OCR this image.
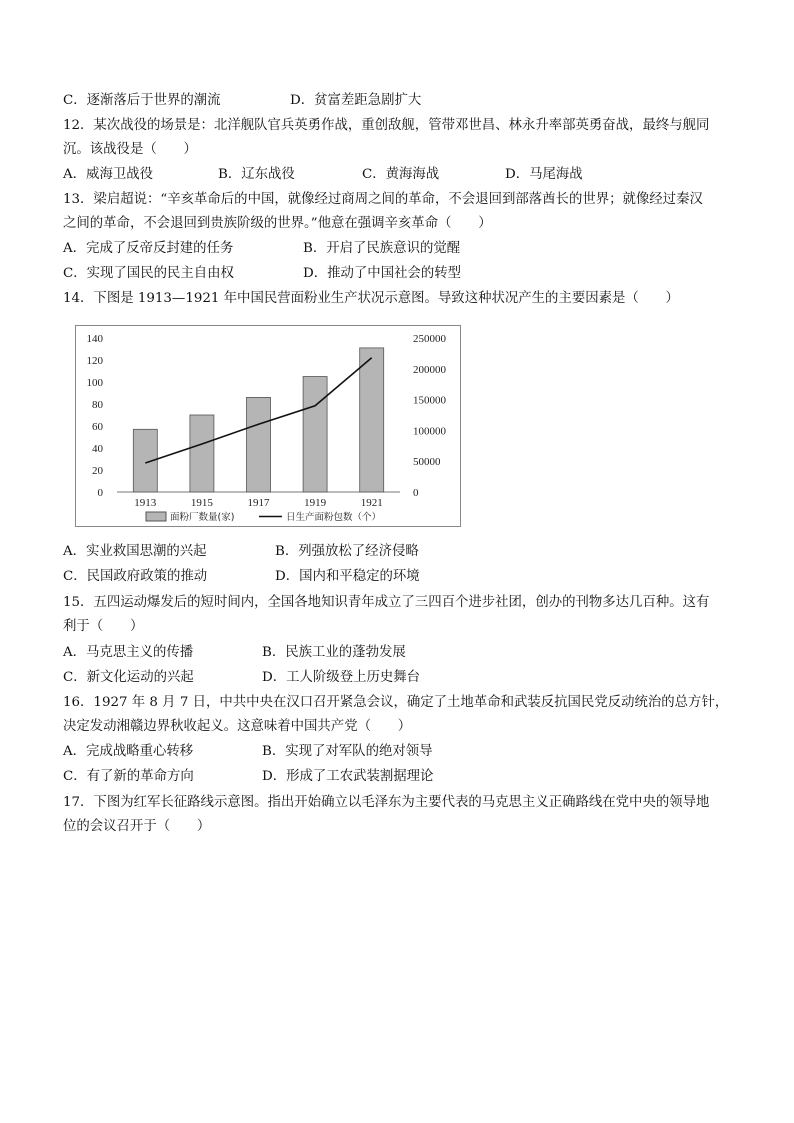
C．逐渐落后于世界的潮流	D．贫富差距急剧扩大
12．某次战役的场景是：北洋舰队官兵英勇作战，重创敌舰，管带邓世昌、林永升率部英勇奋战，最终与舰同
沉。该战役是（　　）
A．威海卫战役	B．辽东战役	C．黄海海战	D．马尾海战
13．梁启超说：“辛亥革命后的中国，就像经过商周之间的革命，不会退回到部落酋长的世界；就像经过秦汉
之间的革命，不会退回到贵族阶级的世界。”他意在强调辛亥革命（　　）
A．完成了反帝反封建的任务	B．开启了民族意识的觉醒
C．实现了国民的民主自由权	D．推动了中国社会的转型
14．下图是 1913—1921 年中国民营面粉业生产状况示意图。导致这种状况产生的主要因素是（　　）
0
20
40
60
80
100
120
140
0
50000
100000
150000
200000
250000
1913	1915	1917	1919	1921
面粉厂数量(家)	日生产面粉包数（个）
A．实业救国思潮的兴起	B．列强放松了经济侵略
C．民国政府政策的推动	D．国内和平稳定的环境
15．五四运动爆发后的短时间内，全国各地知识青年成立了三四百个进步社团，创办的刊物多达几百种。这有
利于（　　）
A．马克思主义的传播	B．民族工业的蓬勃发展
C．新文化运动的兴起	D．工人阶级登上历史舞台
16．1927 年 8 月 7 日，中共中央在汉口召开紧急会议，确定了土地革命和武装反抗国民党反动统治的总方针，
决定发动湘赣边界秋收起义。这意味着中国共产党（　　）
A．完成战略重心转移	B．实现了对军队的绝对领导
C．有了新的革命方向	D．形成了工农武装割据理论
17．下图为红军长征路线示意图。指出开始确立以毛泽东为主要代表的马克思主义正确路线在党中央的领导地
位的会议召开于（　　）
